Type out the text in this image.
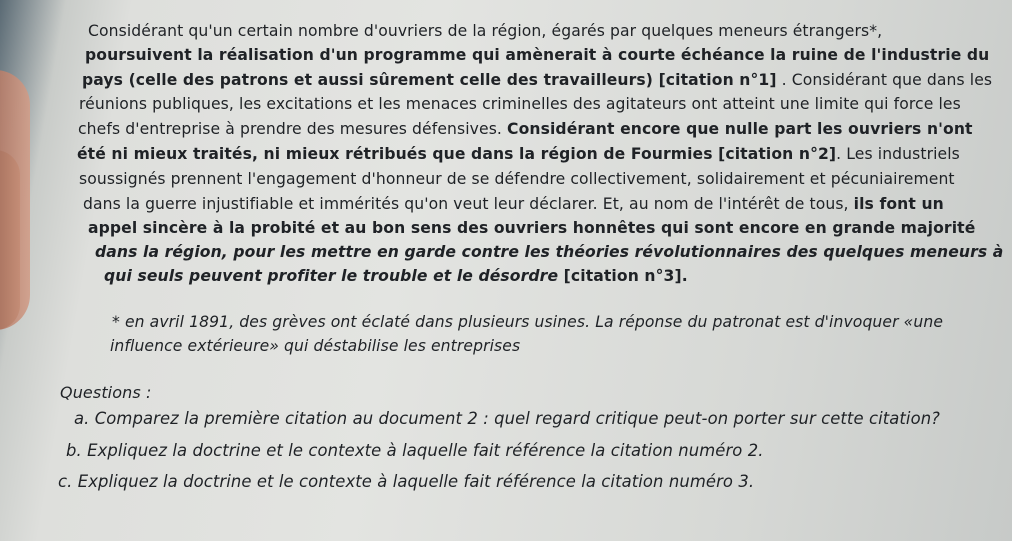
Considérant qu'un certain nombre d'ouvriers de la région, égarés par quelques meneurs étrangers*,
poursuivent la réalisation d'un programme qui amènerait à courte échéance la ruine de l'industrie du
pays (celle des patrons et aussi sûrement celle des travailleurs) [citation n°1] . Considérant que dans les
réunions publiques, les excitations et les menaces criminelles des agitateurs ont atteint une limite qui force les
chefs d'entreprise à prendre des mesures défensives. Considérant encore que nulle part les ouvriers n'ont
été ni mieux traités, ni mieux rétribués que dans la région de Fourmies [citation n°2]. Les industriels
soussignés prennent l'engagement d'honneur de se défendre collectivement, solidairement et pécuniairement
dans la guerre injustifiable et immérités qu'on veut leur déclarer. Et, au nom de l'intérêt de tous, ils font un
appel sincère à la probité et au bon sens des ouvriers honnêtes qui sont encore en grande majorité
dans la région, pour les mettre en garde contre les théories révolutionnaires des quelques meneurs à
qui seuls peuvent profiter le trouble et le désordre [citation n°3].
* en avril 1891, des grèves ont éclaté dans plusieurs usines. La réponse du patronat est d'invoquer «une
influence extérieure» qui déstabilise les entreprises
Questions :
a. Comparez la première citation au document 2 : quel regard critique peut-on porter sur cette citation?
b. Expliquez la doctrine et le contexte à laquelle fait référence la citation numéro 2.
c. Expliquez la doctrine et le contexte à laquelle fait référence la citation numéro 3.
